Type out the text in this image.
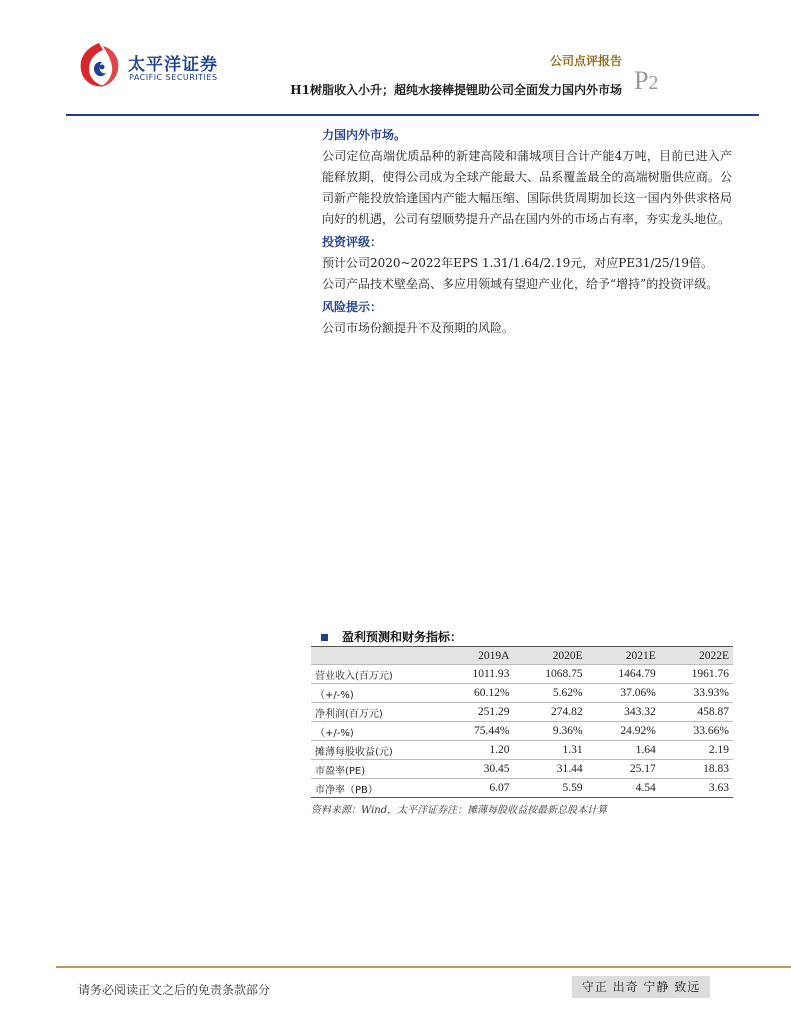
太平洋证券
PACIFIC SECURITIES
公司点评报告
H1树脂收入小升；超纯水接棒提锂助公司全面发力国内外市场 P2
力国内外市场。

公司定位高端优质品种的新建高陵和蒲城项目合计产能4万吨，目前已进入产能释放期，使得公司成为全球产能最大、品系覆盖最全的高端树脂供应商。公司新产能投放恰逢国内产能大幅压缩、国际供货周期加长这一国内外供求格局向好的机遇，公司有望顺势提升产品在国内外的市场占有率，夯实龙头地位。

投资评级：

预计公司2020~2022年EPS 1.31/1.64/2.19元，对应PE31/25/19倍。

公司产品技术壁垒高、多应用领域有望迎产业化，给予“增持”的投资评级。

风险提示：

公司市场份额提升不及预期的风险。

盈利预测和财务指标：
	2019A	2020E	2021E	2022E
营业收入(百万元)	1011.93	1068.75	1464.79	1961.76
（+/-%)	60.12%	5.62%	37.06%	33.93%
净利润(百万元)	251.29	274.82	343.32	458.87
（+/-%)	75.44%	9.36%	24.92%	33.66%
摊薄每股收益(元)	1.20	1.31	1.64	2.19
市盈率(PE)	30.45	31.44	25.17	18.83
市净率（PB）	6.07	5.59	4.54	3.63
资料来源：Wind，太平洋证券注：摊薄每股收益按最新总股本计算
请务必阅读正文之后的免责条款部分	守正 出奇 宁静 致远
